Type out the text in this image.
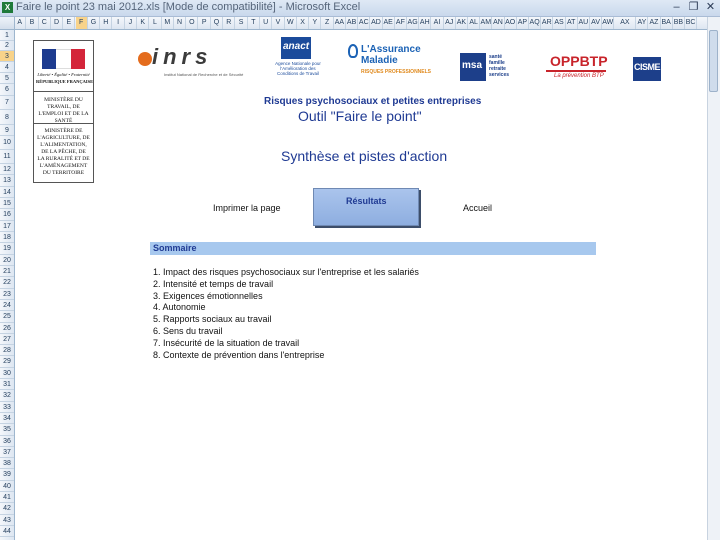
X Faire le point 23 mai 2012.xls [Mode de compatibilité] - Microsoft Excel	– ❐ ✕
A	B	C	D	E	F	G	H	I	J	K	L	M N	O	P	Q	R	S	T	U	V W X	Y	Z AA AB AC AD AE AF AG AH AI AJ AK AL AM AN AO AP AQ AR AS AT AU AV AW AX	AY AZ BA BB BC
1
2
3
4
5
6
7
8
9
10
11
12
13
14
15
16
17
18
19
20
21
22
23
24
25
26
27
28
29
30
31
32
33
34
35
36
37
38
39
40
41
42
43
44
Liberté • Égalité • Fraternité
RÉPUBLIQUE FRANÇAISE
MINISTÈRE DU TRAVAIL, DE L'EMPLOI ET DE LA SANTÉ
MINISTÈRE DE L'AGRICULTURE, DE L'ALIMENTATION, DE LA PÊCHE, DE LA RURALITÉ ET DE L'AMÉNAGEMENT DU TERRITOIRE
inrs
Institut National de Recherche et de Sécurité
anact
Agence Nationale pour l'Amélioration des Conditions de Travail
L'Assurance
Maladie
RISQUES PROFESSIONNELS
msa
santé famille retraite services
OPPBTP
La prévention BTP
CISME
Risques psychosociaux et petites entreprises
Outil "Faire le point"
Synthèse et pistes d'action
Imprimer la page
Résultats
Accueil
Sommaire
1. Impact des risques psychosociaux sur l'entreprise et les salariés
2. Intensité et temps de travail
3. Exigences émotionnelles
4. Autonomie
5. Rapports sociaux au travail
6. Sens du travail
7. Insécurité de la situation de travail
8. Contexte de prévention dans l'entreprise
